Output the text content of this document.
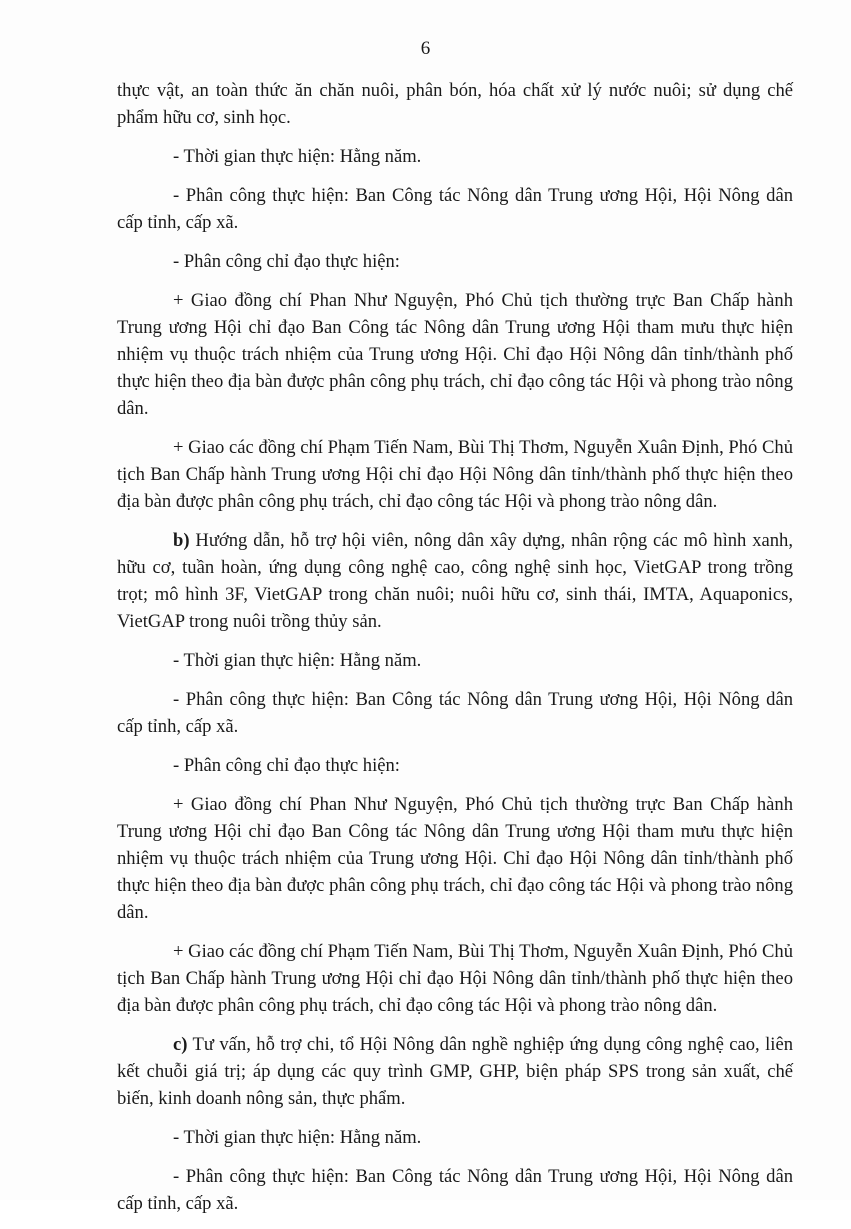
6

thực vật, an toàn thức ăn chăn nuôi, phân bón, hóa chất xử lý nước nuôi; sử dụng chế phẩm hữu cơ, sinh học.

- Thời gian thực hiện: Hằng năm.

- Phân công thực hiện: Ban Công tác Nông dân Trung ương Hội, Hội Nông dân cấp tỉnh, cấp xã.

- Phân công chỉ đạo thực hiện:

+ Giao đồng chí Phan Như Nguyện, Phó Chủ tịch thường trực Ban Chấp hành Trung ương Hội chỉ đạo Ban Công tác Nông dân Trung ương Hội tham mưu thực hiện nhiệm vụ thuộc trách nhiệm của Trung ương Hội. Chỉ đạo Hội Nông dân tỉnh/thành phố thực hiện theo địa bàn được phân công phụ trách, chỉ đạo công tác Hội và phong trào nông dân.

+ Giao các đồng chí Phạm Tiến Nam, Bùi Thị Thơm, Nguyễn Xuân Định, Phó Chủ tịch Ban Chấp hành Trung ương Hội chỉ đạo Hội Nông dân tỉnh/thành phố thực hiện theo địa bàn được phân công phụ trách, chỉ đạo công tác Hội và phong trào nông dân.

b) Hướng dẫn, hỗ trợ hội viên, nông dân xây dựng, nhân rộng các mô hình xanh, hữu cơ, tuần hoàn, ứng dụng công nghệ cao, công nghệ sinh học, VietGAP trong trồng trọt; mô hình 3F, VietGAP trong chăn nuôi; nuôi hữu cơ, sinh thái, IMTA, Aquaponics, VietGAP trong nuôi trồng thủy sản.

- Thời gian thực hiện: Hằng năm.

- Phân công thực hiện: Ban Công tác Nông dân Trung ương Hội, Hội Nông dân cấp tỉnh, cấp xã.

- Phân công chỉ đạo thực hiện:

+ Giao đồng chí Phan Như Nguyện, Phó Chủ tịch thường trực Ban Chấp hành Trung ương Hội chỉ đạo Ban Công tác Nông dân Trung ương Hội tham mưu thực hiện nhiệm vụ thuộc trách nhiệm của Trung ương Hội. Chỉ đạo Hội Nông dân tỉnh/thành phố thực hiện theo địa bàn được phân công phụ trách, chỉ đạo công tác Hội và phong trào nông dân.

+ Giao các đồng chí Phạm Tiến Nam, Bùi Thị Thơm, Nguyễn Xuân Định, Phó Chủ tịch Ban Chấp hành Trung ương Hội chỉ đạo Hội Nông dân tỉnh/thành phố thực hiện theo địa bàn được phân công phụ trách, chỉ đạo công tác Hội và phong trào nông dân.

c) Tư vấn, hỗ trợ chi, tổ Hội Nông dân nghề nghiệp ứng dụng công nghệ cao, liên kết chuỗi giá trị; áp dụng các quy trình GMP, GHP, biện pháp SPS trong sản xuất, chế biến, kinh doanh nông sản, thực phẩm.

- Thời gian thực hiện: Hằng năm.

- Phân công thực hiện: Ban Công tác Nông dân Trung ương Hội, Hội Nông dân cấp tỉnh, cấp xã.
